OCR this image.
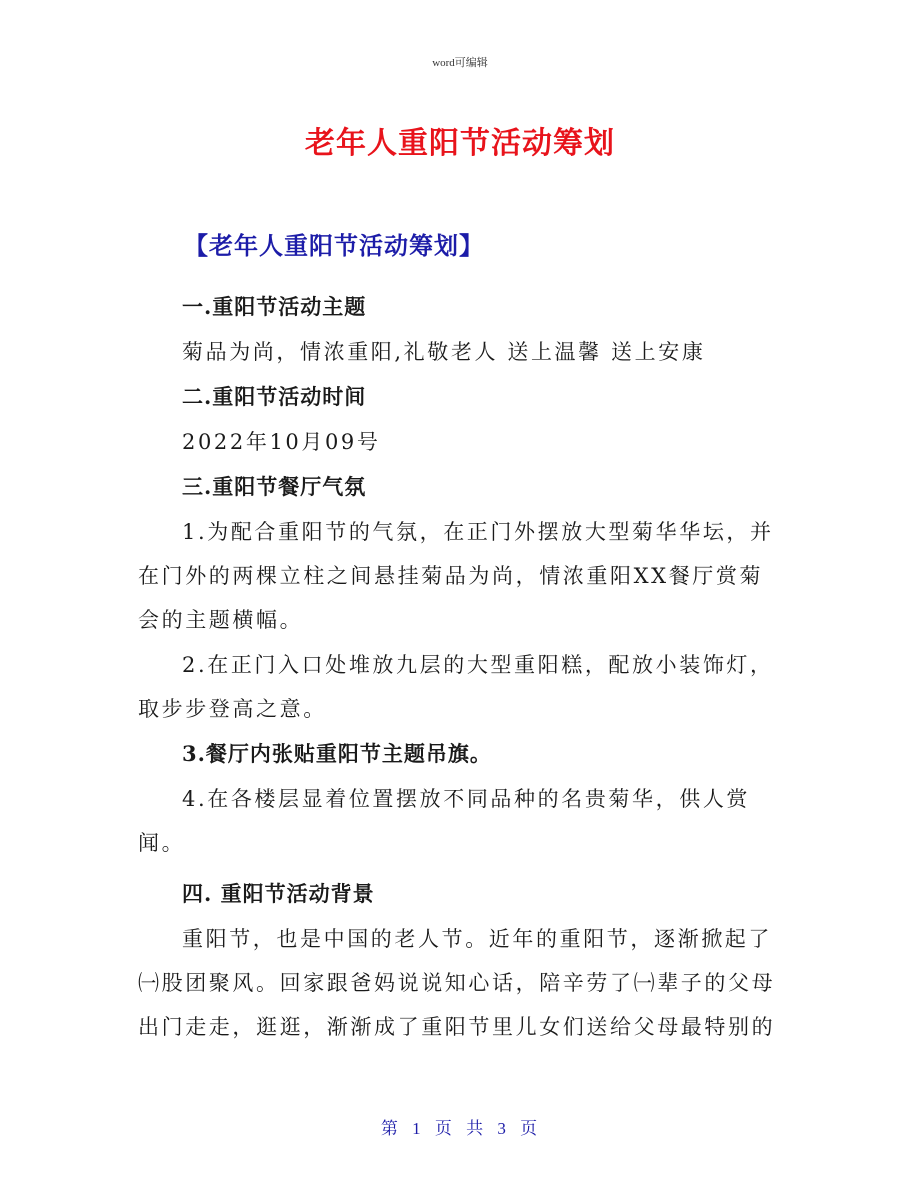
word可编辑
老年人重阳节活动筹划
【老年人重阳节活动筹划】

一.重阳节活动主题

菊品为尚，情浓重阳,礼敬老人 送上温馨 送上安康

二.重阳节活动时间

2022年10月09号

三.重阳节餐厅气氛

1.为配合重阳节的气氛，在正门外摆放大型菊华华坛，并在门外的两棵立柱之间悬挂菊品为尚，情浓重阳XX餐厅赏菊会的主题横幅。

2.在正门入口处堆放九层的大型重阳糕，配放小装饰灯，取步步登高之意。

3.餐厅内张贴重阳节主题吊旗。

4.在各楼层显着位置摆放不同品种的名贵菊华，供人赏闻。

四. 重阳节活动背景

重阳节，也是中国的老人节。近年的重阳节，逐渐掀起了㈠股团聚风。回家跟爸妈说说知心话，陪辛劳了㈠辈子的父母出门走走，逛逛，渐渐成了重阳节里儿女们送给父母最特别的

第 1 页 共 3 页
